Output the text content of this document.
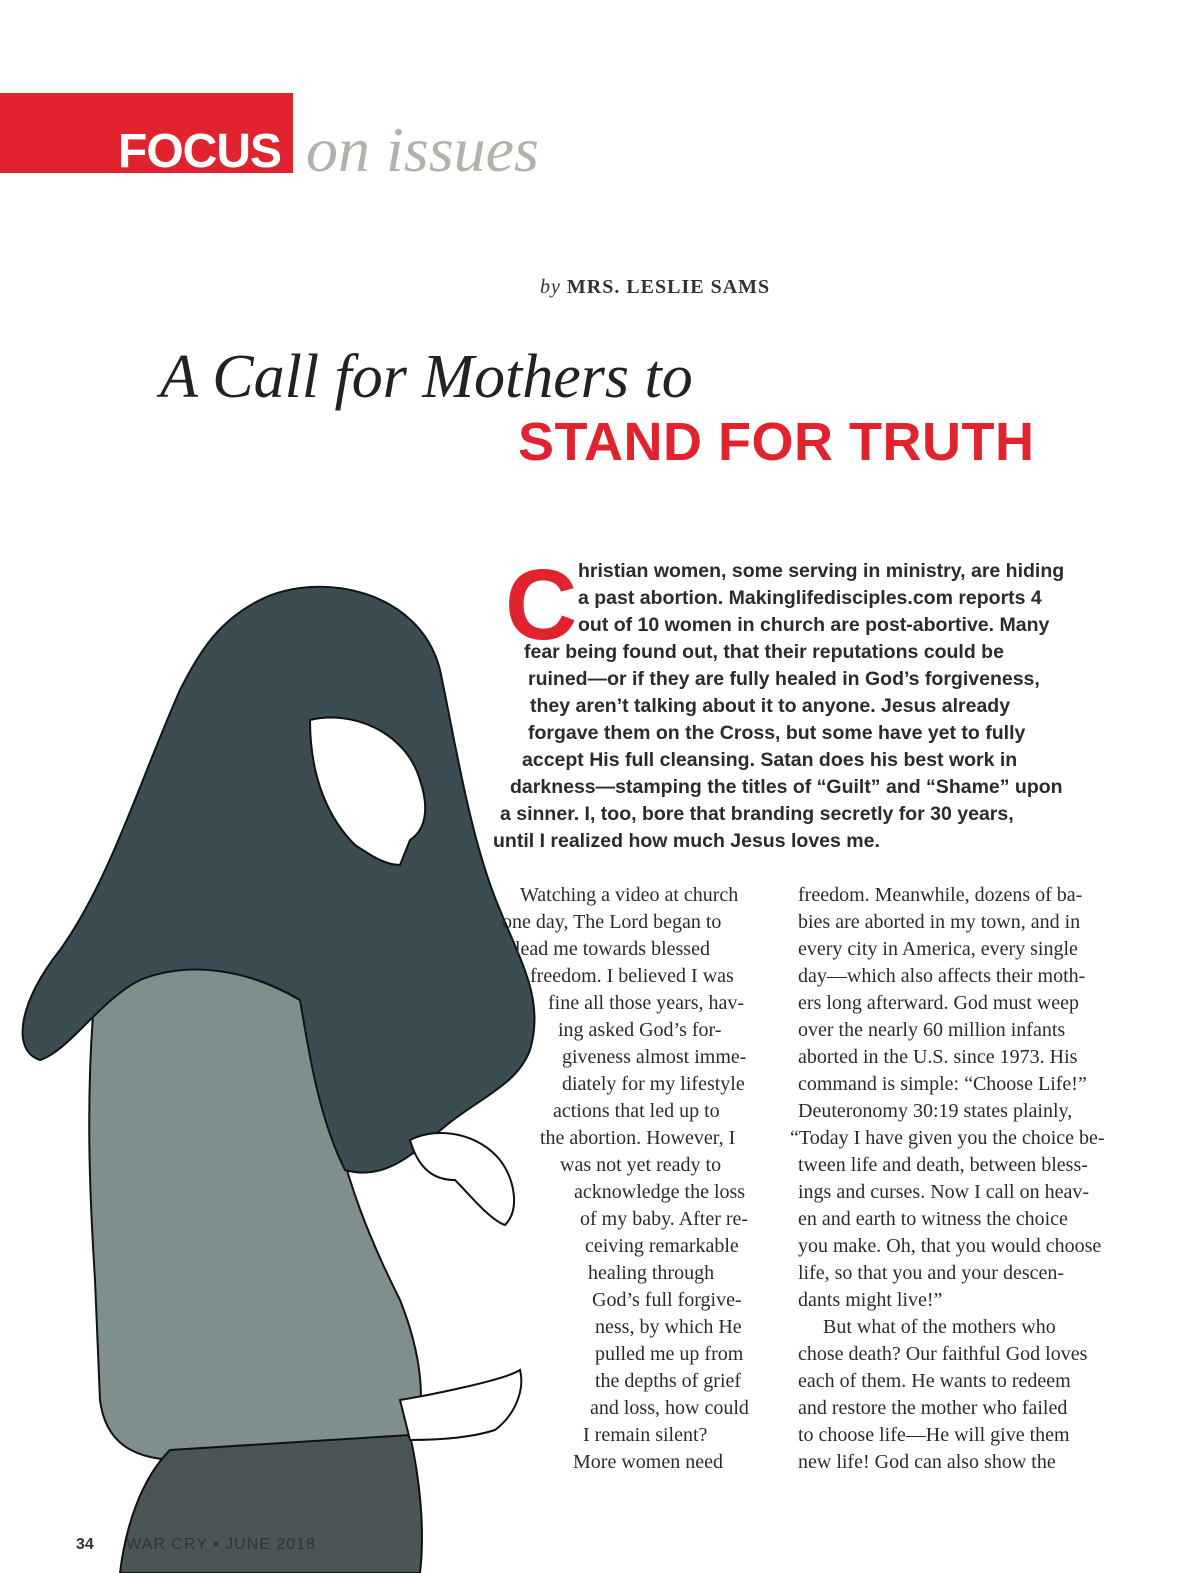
FOCUS on issues
by MRS. LESLIE SAMS
A Call for Mothers to
STAND FOR TRUTH
C hristian women, some serving in ministry, are hiding
a past abortion. Makinglifedisciples.com reports 4
out of 10 women in church are post-abortive. Many
fear being found out, that their reputations could be
ruined—or if they are fully healed in God’s forgiveness,
they aren’t talking about it to anyone. Jesus already
forgave them on the Cross, but some have yet to fully
accept His full cleansing. Satan does his best work in
darkness—stamping the titles of “Guilt” and “Shame” upon
a sinner. I, too, bore that branding secretly for 30 years,
until I realized how much Jesus loves me.
Watching a video at church
one day, The Lord began to
lead me towards blessed
freedom. I believed I was
fine all those years, hav-
ing asked God’s for-
giveness almost imme-
diately for my lifestyle
actions that led up to
the abortion. However, I
was not yet ready to
acknowledge the loss
of my baby. After re-
ceiving remarkable
healing through
God’s full forgive-
ness, by which He
pulled me up from
the depths of grief
and loss, how could
I remain silent?
More women need
freedom. Meanwhile, dozens of ba-
bies are aborted in my town, and in
every city in America, every single
day—which also affects their moth-
ers long afterward. God must weep
over the nearly 60 million infants
aborted in the U.S. since 1973. His
command is simple: “Choose Life!”
Deuteronomy 30:19 states plainly,
“Today I have given you the choice be-
tween life and death, between bless-
ings and curses. Now I call on heav-
en and earth to witness the choice
you make. Oh, that you would choose
life, so that you and your descen-
dants might live!”
But what of the mothers who
chose death? Our faithful God loves
each of them. He wants to redeem
and restore the mother who failed
to choose life—He will give them
new life! God can also show the
34 WAR CRY • JUNE 2018
